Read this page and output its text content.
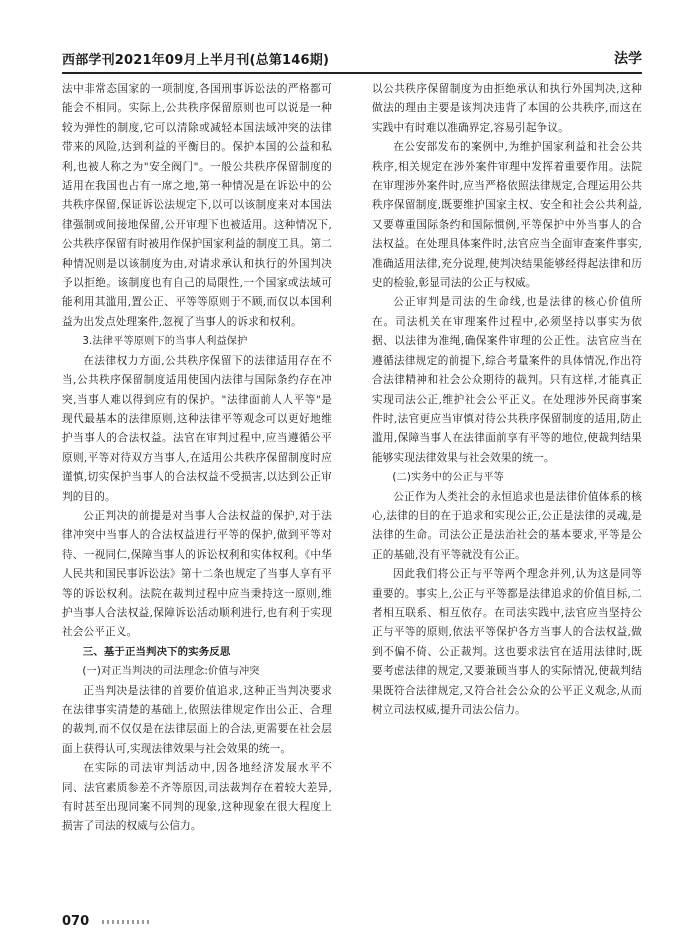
西部学刊2021年09月上半月刊(总第146期)	法学

法中非常态国家的一项制度,各国刑事诉讼法的严格都可能会不相同。实际上,公共秩序保留原则也可以说是一种较为弹性的制度,它可以清除或减轻本国法域冲突的法律带来的风险,达到利益的平衡目的。保护本国的公益和私利,也被人称之为"安全阀门"。一般公共秩序保留制度的适用在我国也占有一席之地,第一种情况是在诉讼中的公共秩序保留,保证诉讼法规定下,以可以该制度来对本国法律强制或间接地保留,公开审理下也被适用。这种情况下,公共秩序保留有时被用作保护国家利益的制度工具。第二种情况则是以该制度为由,对请求承认和执行的外国判决予以拒绝。该制度也有自己的局限性,一个国家或法域可能利用其滥用,置公正、平等等原则于不顾,而仅以本国利益为出发点处理案件,忽视了当事人的诉求和权利。

3.法律平等原则下的当事人利益保护

在法律权力方面,公共秩序保留下的法律适用存在不当,公共秩序保留制度适用使国内法律与国际条约存在冲突,当事人难以得到应有的保护。"法律面前人人平等"是现代最基本的法律原则,这种法律平等观念可以更好地维护当事人的合法权益。法官在审判过程中,应当遵循公平原则,平等对待双方当事人,在适用公共秩序保留制度时应谨慎,切实保护当事人的合法权益不受损害,以达到公正审判的目的。

公正判决的前提是对当事人合法权益的保护,对于法律冲突中当事人的合法权益进行平等的保护,做到平等对待、一视同仁,保障当事人的诉讼权利和实体权利。《中华人民共和国民事诉讼法》第十二条也规定了当事人享有平等的诉讼权利。法院在裁判过程中应当秉持这一原则,维护当事人合法权益,保障诉讼活动顺利进行,也有利于实现社会公平正义。

三、基于正当判决下的实务反思

(一)对正当判决的司法理念:价值与冲突

正当判决是法律的首要价值追求,这种正当判决要求在法律事实清楚的基础上,依照法律规定作出公正、合理的裁判,而不仅仅是在法律层面上的合法,更需要在社会层面上获得认可,实现法律效果与社会效果的统一。

在实际的司法审判活动中,因各地经济发展水平不同、法官素质参差不齐等原因,司法裁判存在着较大差异,有时甚至出现同案不同判的现象,这种现象在很大程度上损害了司法的权威与公信力。

以公共秩序保留制度为由拒绝承认和执行外国判决,这种做法的理由主要是该判决违背了本国的公共秩序,而这在实践中有时难以准确界定,容易引起争议。

在公安部发布的案例中,为维护国家利益和社会公共秩序,相关规定在涉外案件审理中发挥着重要作用。法院在审理涉外案件时,应当严格依照法律规定,合理运用公共秩序保留制度,既要维护国家主权、安全和社会公共利益,又要尊重国际条约和国际惯例,平等保护中外当事人的合法权益。在处理具体案件时,法官应当全面审查案件事实,准确适用法律,充分说理,使判决结果能够经得起法律和历史的检验,彰显司法的公正与权威。

公正审判是司法的生命线,也是法律的核心价值所在。司法机关在审理案件过程中,必须坚持以事实为依据、以法律为准绳,确保案件审理的公正性。法官应当在遵循法律规定的前提下,综合考量案件的具体情况,作出符合法律精神和社会公众期待的裁判。只有这样,才能真正实现司法公正,维护社会公平正义。在处理涉外民商事案件时,法官更应当审慎对待公共秩序保留制度的适用,防止滥用,保障当事人在法律面前享有平等的地位,使裁判结果能够实现法律效果与社会效果的统一。

(二)实务中的公正与平等

公正作为人类社会的永恒追求也是法律价值体系的核心,法律的目的在于追求和实现公正,公正是法律的灵魂,是法律的生命。司法公正是法治社会的基本要求,平等是公正的基础,没有平等就没有公正。

因此我们将公正与平等两个理念并列,认为这是同等重要的。事实上,公正与平等都是法律追求的价值目标,二者相互联系、相互依存。在司法实践中,法官应当坚持公正与平等的原则,依法平等保护各方当事人的合法权益,做到不偏不倚、公正裁判。这也要求法官在适用法律时,既要考虑法律的规定,又要兼顾当事人的实际情况,使裁判结果既符合法律规定,又符合社会公众的公平正义观念,从而树立司法权威,提升司法公信力。

070
